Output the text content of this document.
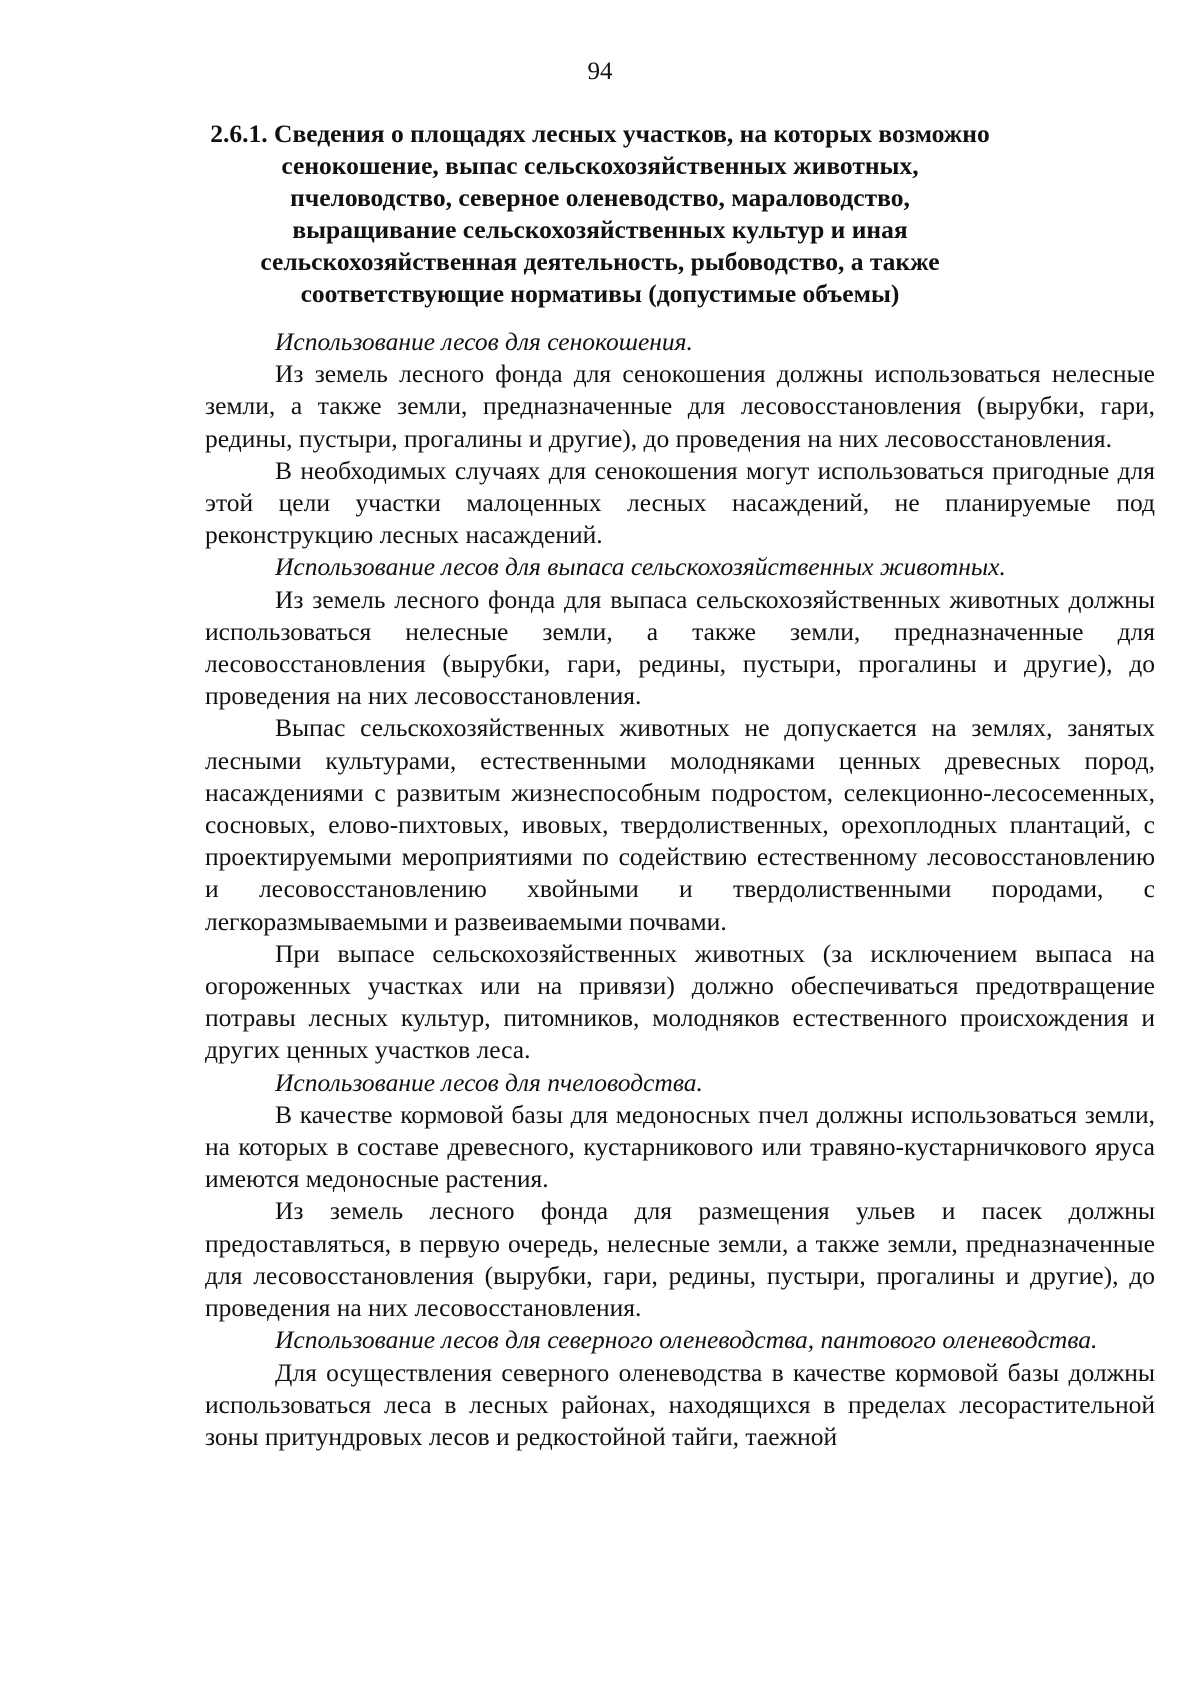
94
2.6.1. Сведения о площадях лесных участков, на которых возможно сенокошение, выпас сельскохозяйственных животных, пчеловодство, северное оленеводство, мараловодство, выращивание сельскохозяйственных культур и иная сельскохозяйственная деятельность, рыбоводство, а также соответствующие нормативы (допустимые объемы)

Использование лесов для сенокошения.

Из земель лесного фонда для сенокошения должны использоваться нелесные земли, а также земли, предназначенные для лесовосстановления (вырубки, гари, редины, пустыри, прогалины и другие), до проведения на них лесовосстановления.

В необходимых случаях для сенокошения могут использоваться пригодные для этой цели участки малоценных лесных насаждений, не планируемые под реконструкцию лесных насаждений.

Использование лесов для выпаса сельскохозяйственных животных.

Из земель лесного фонда для выпаса сельскохозяйственных животных должны использоваться нелесные земли, а также земли, предназначенные для лесовосстановления (вырубки, гари, редины, пустыри, прогалины и другие), до проведения на них лесовосстановления.

Выпас сельскохозяйственных животных не допускается на землях, занятых лесными культурами, естественными молодняками ценных древесных пород, насаждениями с развитым жизнеспособным подростом, селекционно-лесосеменных, сосновых, елово-пихтовых, ивовых, твердолиственных, орехоплодных плантаций, с проектируемыми мероприятиями по содействию естественному лесовосстановлению и лесовосстановлению хвойными и твердолиственными породами, с легкоразмываемыми и развеиваемыми почвами.

При выпасе сельскохозяйственных животных (за исключением выпаса на огороженных участках или на привязи) должно обеспечиваться предотвращение потравы лесных культур, питомников, молодняков естественного происхождения и других ценных участков леса.

Использование лесов для пчеловодства.

В качестве кормовой базы для медоносных пчел должны использоваться земли, на которых в составе древесного, кустарникового или травяно-кустарничкового яруса имеются медоносные растения.

Из земель лесного фонда для размещения ульев и пасек должны предоставляться, в первую очередь, нелесные земли, а также земли, предназначенные для лесовосстановления (вырубки, гари, редины, пустыри, прогалины и другие), до проведения на них лесовосстановления.

Использование лесов для северного оленеводства, пантового оленеводства.

Для осуществления северного оленеводства в качестве кормовой базы должны использоваться леса в лесных районах, находящихся в пределах лесорастительной зоны притундровых лесов и редкостойной тайги, таежной
